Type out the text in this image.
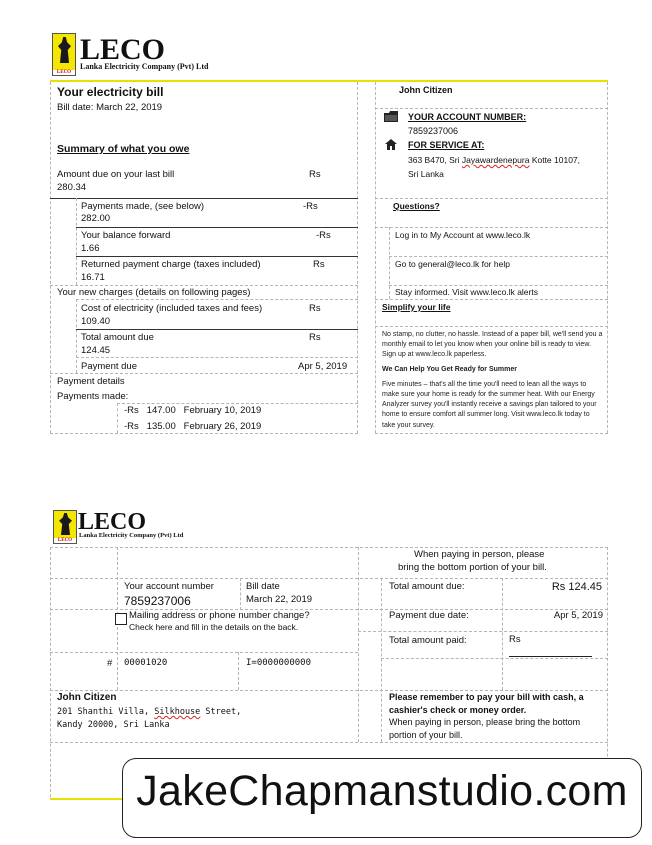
LECO
LECO
Lanka Electricity Company (Pvt) Ltd
Your electricity bill
Bill date: March 22, 2019
Summary of what you owe
Amount due on your last bill	Rs
280.34
Payments made, (see below)	-Rs
282.00
Your balance forward	-Rs
1.66
Returned payment charge (taxes included)	Rs
16.71
Your new charges (details on following pages)
Cost of electricity (included taxes and fees)	Rs
109.40
Total amount due	Rs
124.45
Payment due	Apr 5, 2019
Payment details
Payments made:
-Rs   147.00   February 10, 2019
-Rs   135.00   February 26, 2019
John Citizen
YOUR ACCOUNT NUMBER:
7859237006
FOR SERVICE AT:
363 B470, Sri Jayawardenepura Kotte 10107,
Sri Lanka
Questions?
Log in to My Account at www.leco.lk
Go to general@leco.lk for help
Stay informed. Visit www.leco.lk alerts
Simplify your life
No stamp, no clutter, no hassle. Instead of a paper bill, we'll send you a monthly email to let you know when your online bill is ready to view. Sign up at www.leco.lk paperless.
We Can Help You Get Ready for Summer
Five minutes – that's all the time you'll need to lean all the ways to make sure your home is ready for the summer heat. With our Energy Analyzer survey you'll instantly receive a savings plan tailored to your home to ensure comfort all summer long. Visit www.leco.lk today to take your survey.
LECO
LECO
Lanka Electricity Company (Pvt) Ltd
When paying in person, please
bring the bottom portion of your bill.
Your account number
7859237006
Bill date
March 22, 2019
Total amount due:	Rs 124.45
Mailing address or phone number change?
Check here and fill in the details on the back.
Payment due date:	Apr 5, 2019
Total amount paid:	Rs
# 00001020	I=0000000000
John Citizen
201 Shanthi Villa, Silkhouse Street,
Kandy 20000, Sri Lanka
Please remember to pay your bill with cash, a cashier's check or money order.
When paying in person, please bring the bottom portion of your bill.
JakeChapmanstudio.com
